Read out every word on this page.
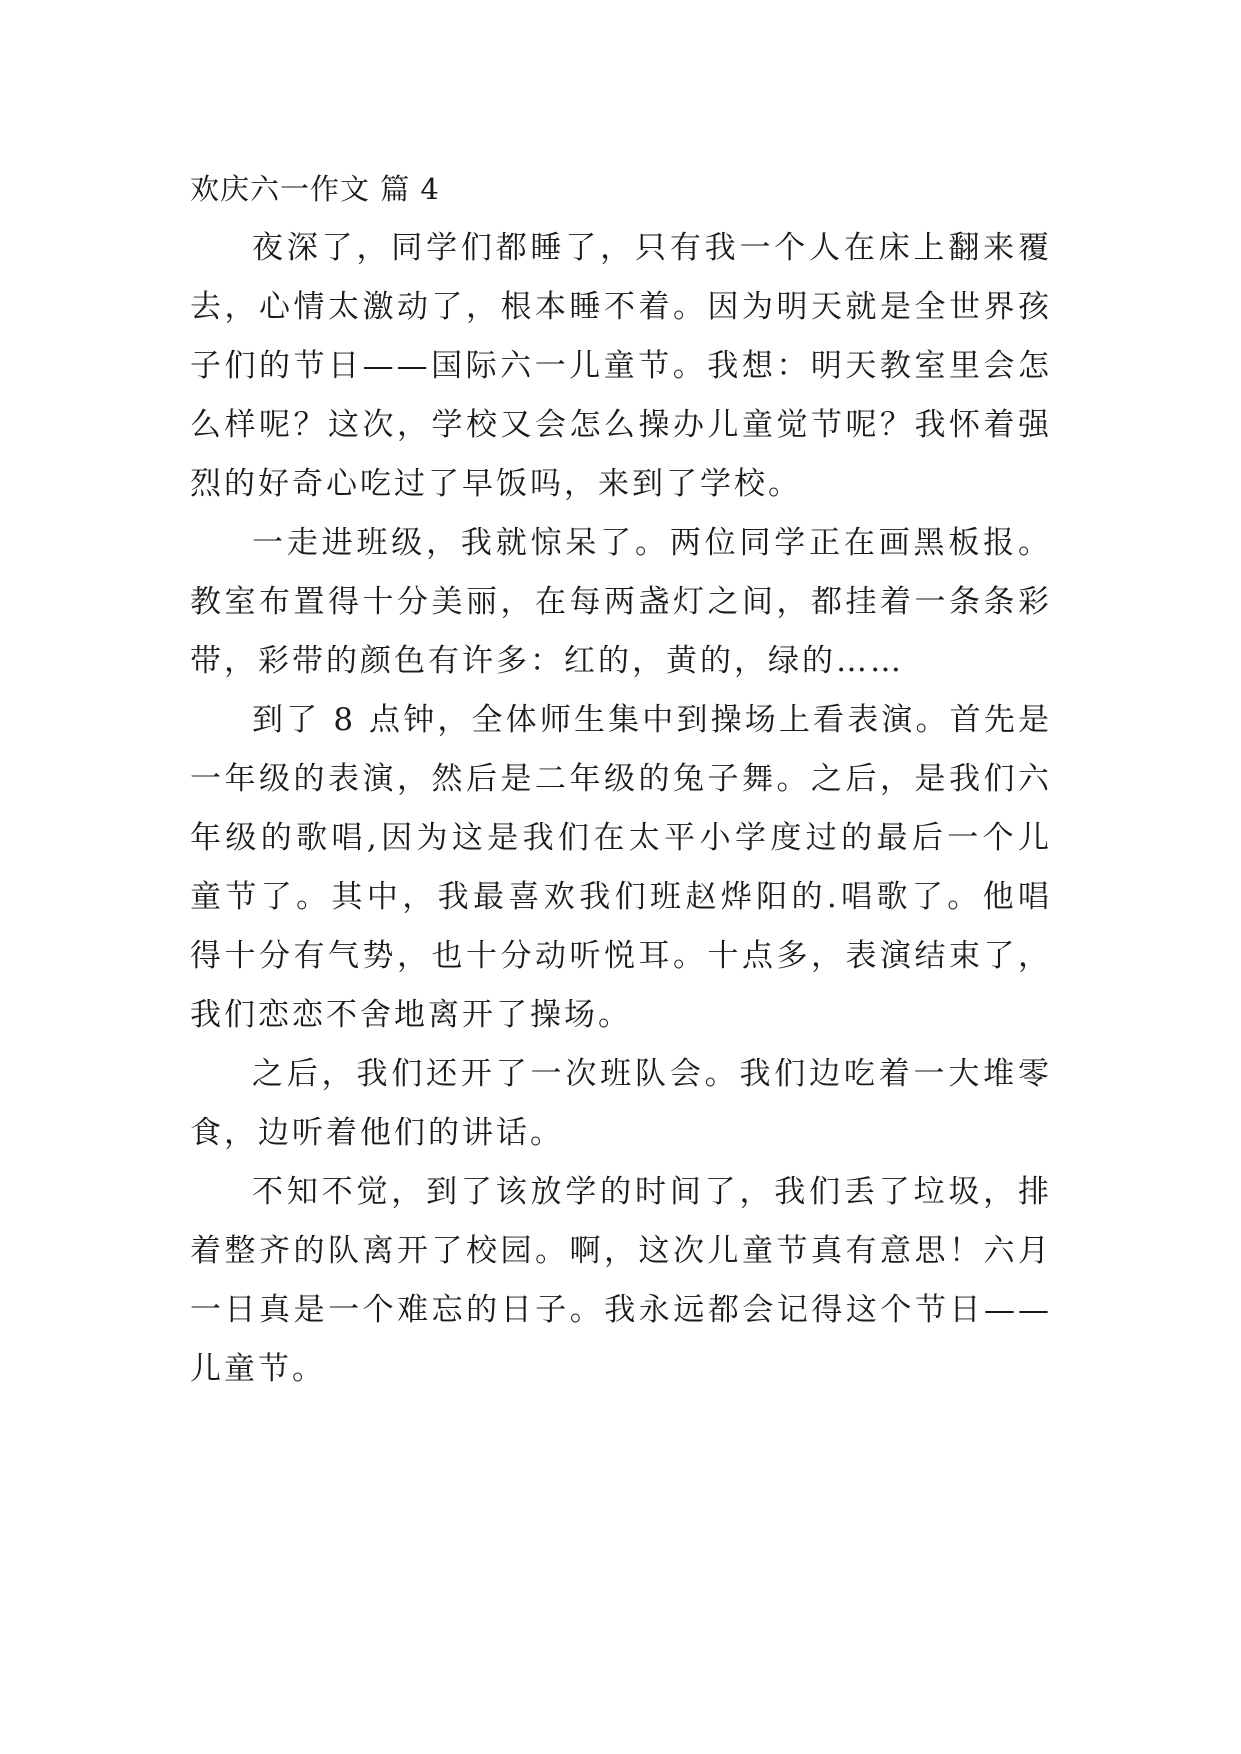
欢庆六一作文 篇 4

夜深了，同学们都睡了，只有我一个人在床上翻来覆去，心情太激动了，根本睡不着。因为明天就是全世界孩子们的节日——国际六一儿童节。我想：明天教室里会怎么样呢？这次，学校又会怎么操办儿童觉节呢？我怀着强烈的好奇心吃过了早饭吗，来到了学校。

一走进班级，我就惊呆了。两位同学正在画黑板报。教室布置得十分美丽，在每两盏灯之间，都挂着一条条彩带，彩带的颜色有许多：红的，黄的，绿的……

到了 8 点钟，全体师生集中到操场上看表演。首先是一年级的表演，然后是二年级的兔子舞。之后，是我们六年级的歌唱,因为这是我们在太平小学度过的最后一个儿童节了。其中，我最喜欢我们班赵烨阳的.唱歌了。他唱得十分有气势，也十分动听悦耳。十点多，表演结束了，我们恋恋不舍地离开了操场。

之后，我们还开了一次班队会。我们边吃着一大堆零食，边听着他们的讲话。

不知不觉，到了该放学的时间了，我们丢了垃圾，排着整齐的队离开了校园。啊，这次儿童节真有意思！六月一日真是一个难忘的日子。我永远都会记得这个节日——儿童节。
